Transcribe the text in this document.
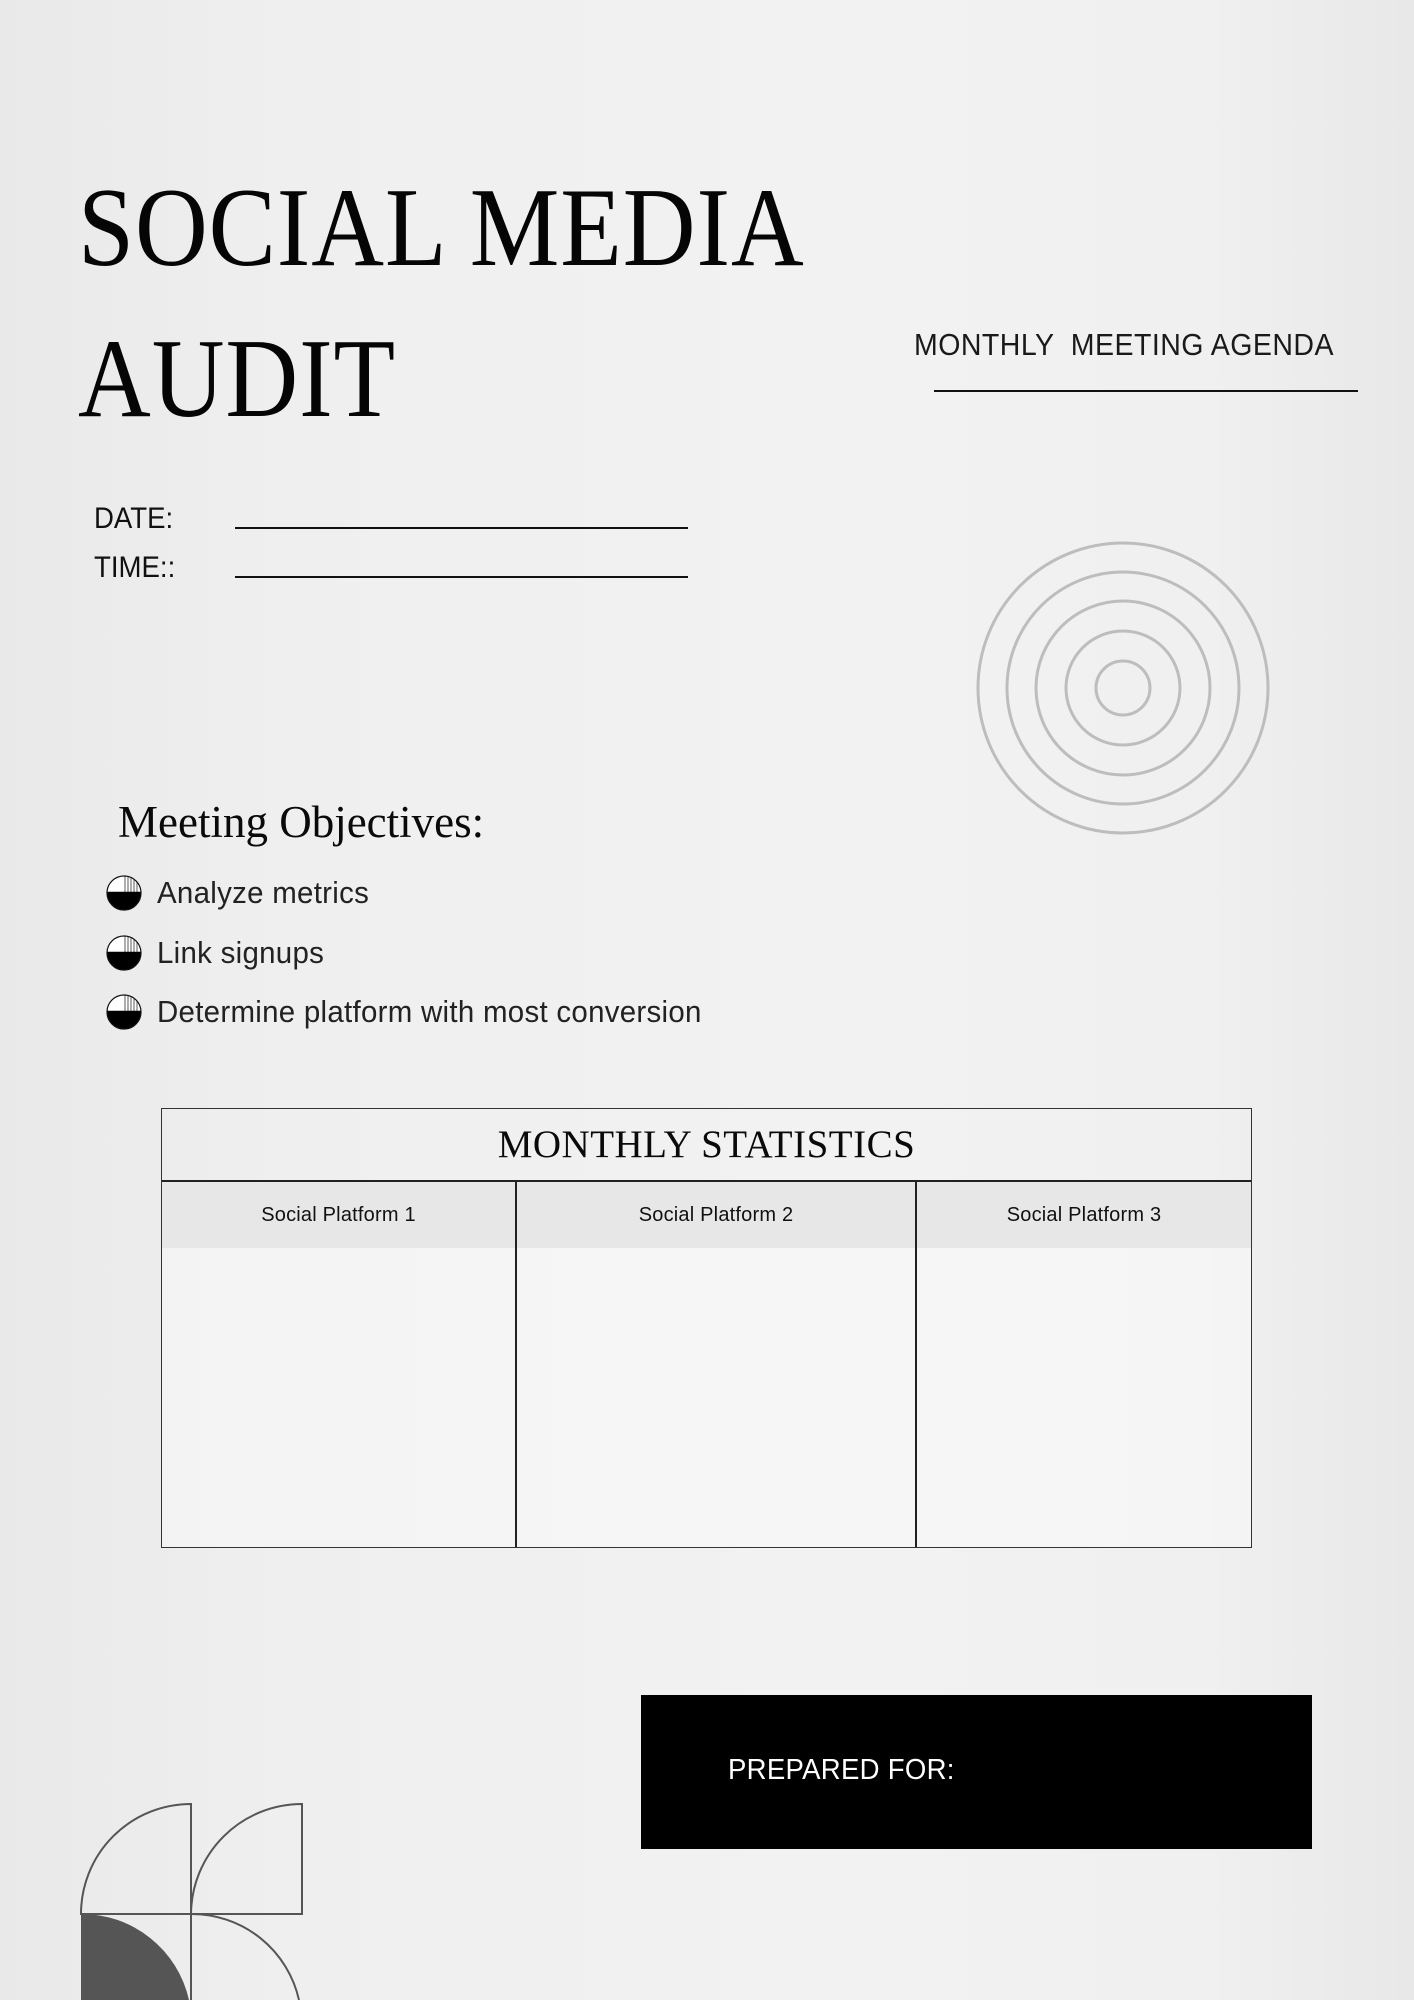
SOCIAL MEDIA
AUDIT	MONTHLY  MEETING AGENDA
DATE:
TIME::
Meeting Objectives:
Analyze metrics
Link signups
Determine platform with most conversion
MONTHLY STATISTICS
Social Platform 1	Social Platform 2	Social Platform 3
PREPARED FOR:
